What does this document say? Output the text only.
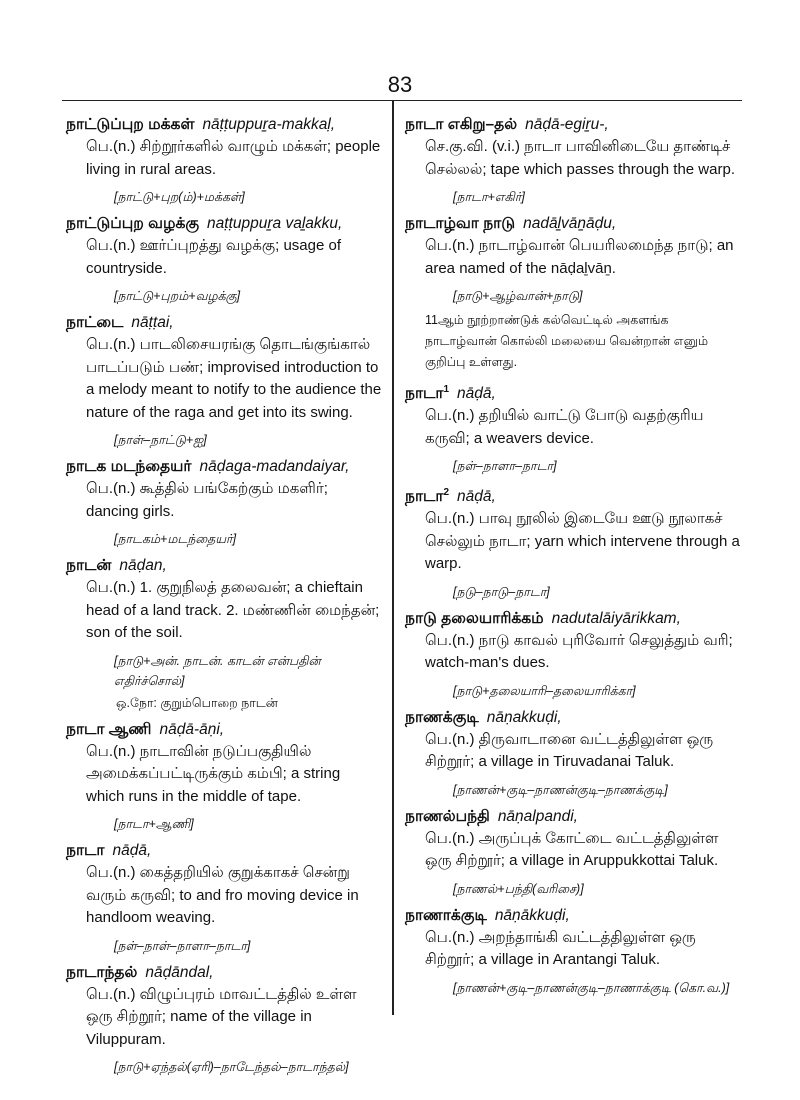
83
நாட்டுப்புற மக்கள் nāṭṭuppuṟa-makkaḷ,
பெ.(n.) சிற்றூர்களில் வாழும் மக்கள்; people living in rural areas.
[நாட்டு+புற(ம்)+மக்கள்]
நாட்டுப்புற வழக்கு naṭṭuppuṟa vaḻakku,
பெ.(n.) ஊர்ப்புறத்து வழக்கு; usage of countryside.
[நாட்டு+புறம்+வழக்கு]
நாட்டை nāṭṭai,
பெ.(n.) பாடலிசையரங்கு தொடங்குங்கால் பாடப்படும் பண்; improvised introduction to a melody meant to notify to the audience the nature of the raga and get into its swing.
[நாள்–நாட்டு+ஐ]
நாடக மடந்தையர் nāḍaga-madandaiyar,
பெ.(n.) கூத்தில் பங்கேற்கும் மகளிர்; dancing girls.
[நாடகம்+மடந்தையர்]
நாடன் nāḍan,
பெ.(n.) 1. குறுநிலத் தலைவன்; a chieftain head of a land track. 2. மண்ணின் மைந்தன்; son of the soil.
[நாடு+அன். நாடன். காடன் என்பதின் எதிர்ச்சொல்]
ஒ.நோ: குறும்பொறை நாடன்
நாடா ஆணி nāḍā-āṇi,
பெ.(n.) நாடாவின் நடுப்பகுதியில் அமைக்கப்பட்டிருக்கும் கம்பி; a string which runs in the middle of tape.
[நாடா+ஆணி]
நாடா nāḍā,
பெ.(n.) கைத்தறியில் குறுக்காகச் சென்று வரும் கருவி; to and fro moving device in handloom weaving.
[நள்–நாள்–நாளா–நாடா]
நாடாந்தல் nāḍāndal,
பெ.(n.) விழுப்புரம் மாவட்டத்தில் உள்ள ஒரு சிற்றூர்; name of the village in Viluppuram.
[நாடு+ஏந்தல்(ஏரி)–நாடேந்தல்–நாடாந்தல்]
நாடா எகிறு–தல் nāḍā-egiṟu-,
செ.கு.வி. (v.i.) நாடா பாவினிடையே தாண்டிச் செல்லல்; tape which passes through the warp.
[நாடா+எகிர்]
நாடாழ்வா நாடு nadāḻvāṉāḍu,
பெ.(n.) நாடாழ்வான் பெயரிலமைந்த நாடு; an area named of the nāḍaḻvāṉ.
[நாடு+ஆழ்வான்+நாடு]
11ஆம் நூற்றாண்டுக் கல்வெட்டில் அகளங்க நாடாழ்வான் கொல்லி மலையை வென்றான் எனும் குறிப்பு உள்ளது.
நாடா$^1$ nāḍā,
பெ.(n.) தறியில் வாட்டு போடு வதற்குரிய கருவி; a weavers device.
[நள்–நாளா–நாடா]
நாடா$^2$ nāḍā,
பெ.(n.) பாவு நூலில் இடையே ஊடு நூலாகச் செல்லும் நாடா; yarn which intervene through a warp.
[நடு–நாடு–நாடா]
நாடு தலையாரிக்கம் nadutalāiyārikkam,
பெ.(n.) நாடு காவல் புரிவோர் செலுத்தும் வரி; watch-man's dues.
[நாடு+தலையாரி–தலையாரிக்கா]
நாணக்குடி nāṇakkuḍi,
பெ.(n.) திருவாடானை வட்டத்திலுள்ள ஒரு சிற்றூர்; a village in Tiruvadanai Taluk.
[நாணன்+குடி–நாணன்குடி–நாணக்குடி]
நாணல்பந்தி nāṇalpandi,
பெ.(n.) அருப்புக் கோட்டை வட்டத்திலுள்ள ஒரு சிற்றூர்; a village in Aruppukkottai Taluk.
[நாணல்+பந்தி(வரிசை)]
நாணாக்குடி nāṇākkuḍi,
பெ.(n.) அறந்தாங்கி வட்டத்திலுள்ள ஒரு சிற்றூர்; a village in Arantangi Taluk.
[நாணன்+குடி–நாணன்குடி–நாணாக்குடி (கொ.வ.)]
